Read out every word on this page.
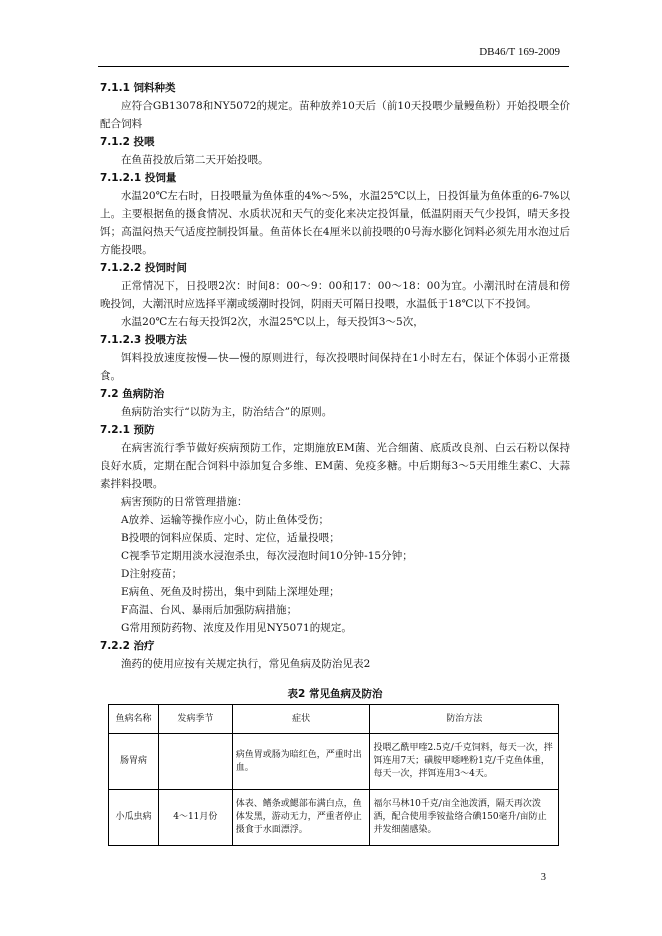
DB46/T 169-2009
7.1.1 饲料种类
应符合GB13078和NY5072的规定。苗种放养10天后（前10天投喂少量鳗鱼粉）开始投喂全价配合饲料
7.1.2 投喂
在鱼苗投放后第二天开始投喂。
7.1.2.1 投饲量
水温20℃左右时，日投喂量为鱼体重的4%～5%，水温25℃以上，日投饵量为鱼体重的6-7%以上。主要根据鱼的摄食情况、水质状况和天气的变化来决定投饵量，低温阴雨天气少投饵，晴天多投饵；高温闷热天气适度控制投饵量。鱼苗体长在4厘米以前投喂的0号海水膨化饲料必须先用水泡过后方能投喂。
7.1.2.2 投饲时间
正常情况下，日投喂2次：时间8：00～9：00和17：00～18：00为宜。小潮汛时在清晨和傍晚投饲，大潮汛时应选择平潮或缓潮时投饲，阴雨天可隔日投喂，水温低于18℃以下不投饲。
水温20℃左右每天投饵2次，水温25℃以上，每天投饵3～5次，
7.1.2.3 投喂方法
饵料投放速度按慢—快—慢的原则进行，每次投喂时间保持在1小时左右，保证个体弱小正常摄食。
7.2 鱼病防治
鱼病防治实行“以防为主，防治结合”的原则。
7.2.1 预防
在病害流行季节做好疾病预防工作，定期施放EM菌、光合细菌、底质改良剂、白云石粉以保持良好水质，定期在配合饲料中添加复合多维、EM菌、免疫多糖。中后期每3～5天用维生素C、大蒜素拌料投喂。
病害预防的日常管理措施：
A放养、运输等操作应小心，防止鱼体受伤；
B投喂的饲料应保质、定时、定位，适量投喂；
C视季节定期用淡水浸泡杀虫，每次浸泡时间10分钟-15分钟；
D注射疫苗；
E病鱼、死鱼及时捞出，集中到陆上深埋处理；
F高温、台风、暴雨后加强防病措施；
G常用预防药物、浓度及作用见NY5071的规定。
7.2.2 治疗
渔药的使用应按有关规定执行，常见鱼病及防治见表2
表2 常见鱼病及防治
鱼病名称	发病季节	症状	防治方法
肠胃病		病鱼胃或肠为暗红色，严重时出血。	投喂乙酰甲喹2.5克/千克饲料，每天一次，拌饵连用7天；磺胺甲噁唑粉1克/千克鱼体重，每天一次，拌饵连用3～4天。
小瓜虫病	4～11月份	体表、鳍条或鳃部布满白点，鱼体发黑，游动无力，严重者停止摄食于水面漂浮。	福尔马林10千克/亩全池泼洒，隔天再次泼洒，配合使用季铵盐络合碘150毫升/亩防止并发细菌感染。
3
